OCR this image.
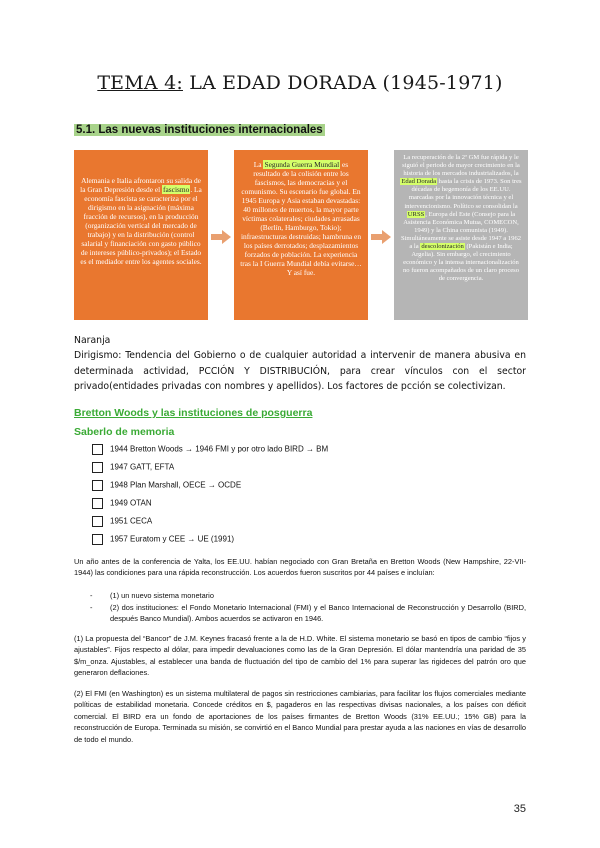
TEMA 4: LA EDAD DORADA (1945-1971)
5.1. Las nuevas instituciones internacionales
Alemania e Italia afrontaron su salida de la Gran Depresión desde el fascismo. La economía fascista se caracteriza por el dirigismo en la asignación (máxima fracción de recursos), en la producción (organización vertical del mercado de trabajo) y en la distribución (control salarial y financiación con gasto público de intereses público-privados); el Estado es el mediador entre los agentes sociales.
La Segunda Guerra Mundial es resultado de la colisión entre los fascismos, las democracias y el comunismo. Su escenario fue global. En 1945 Europa y Asia estaban devastadas: 40 millones de muertos, la mayor parte víctimas colaterales; ciudades arrasadas (Berlín, Hamburgo, Tokio); infraestructuras destruidas; hambruna en los países derrotados; desplazamientos forzados de población. La experiencia tras la I Guerra Mundial debía evitarse… Y así fue.
La recuperación de la 2ª GM fue rápida y le siguió el periodo de mayor crecimiento en la historia de los mercados industrializados, la Edad Dorada hasta la crisis de 1973. Son tres décadas de hegemonía de los EE.UU. marcadas por la innovación técnica y el intervencionismo. Político se consolidan la URSS, Europa del Este (Consejo para la Asistencia Económica Mutua, COMECON, 1949) y la China comunista (1949). Simultáneamente se asiste desde 1947 a 1962 a la descolonización (Pakistán e India; Argelia). Sin embargo, el crecimiento económico y la intensa internacionalización no fueron acompañados de un claro proceso de convergencia.
Naranja
Dirigismo: Tendencia del Gobierno o de cualquier autoridad a intervenir de manera abusiva en determinada actividad, PCCIÓN Y DISTRIBUCIÓN, para crear vínculos con el sector privado(entidades privadas con nombres y apellidos). Los factores de pcción se colectivizan.
Bretton Woods y las instituciones de posguerra
Saberlo de memoria
1944 Bretton Woods → 1946 FMI y por otro lado BIRD → BM
1947 GATT, EFTA
1948 Plan Marshall, OECE → OCDE
1949 OTAN
1951 CECA
1957 Euratom y CEE → UE (1991)
Un año antes de la conferencia de Yalta, los EE.UU. habían negociado con Gran Bretaña en Bretton Woods (New Hampshire, 22-VII-1944) las condiciones para una rápida reconstrucción. Los acuerdos fueron suscritos por 44 países e incluían:
- (1) un nuevo sistema monetario
- (2) dos instituciones: el Fondo Monetario Internacional (FMI) y el Banco Internacional de Reconstrucción y Desarrollo (BIRD, después Banco Mundial). Ambos acuerdos se activaron en 1946.
(1) La propuesta del “Bancor” de J.M. Keynes fracasó frente a la de H.D. White. El sistema monetario se basó en tipos de cambio “fijos y ajustables”. Fijos respecto al dólar, para impedir devaluaciones como las de la Gran Depresión. El dólar mantendría una paridad de 35 $/m_onza. Ajustables, al establecer una banda de fluctuación del tipo de cambio del 1% para superar las rigideces del patrón oro que generaron deflaciones.
(2) El FMI (en Washington) es un sistema multilateral de pagos sin restricciones cambiarias, para facilitar los flujos comerciales mediante políticas de estabilidad monetaria. Concede créditos en $, pagaderos en las respectivas divisas nacionales, a los países con déficit comercial. El BIRD era un fondo de aportaciones de los países firmantes de Bretton Woods (31% EE.UU.; 15% GB) para la reconstrucción de Europa. Terminada su misión, se convirtió en el Banco Mundial para prestar ayuda a las naciones en vías de desarrollo de todo el mundo.
35
